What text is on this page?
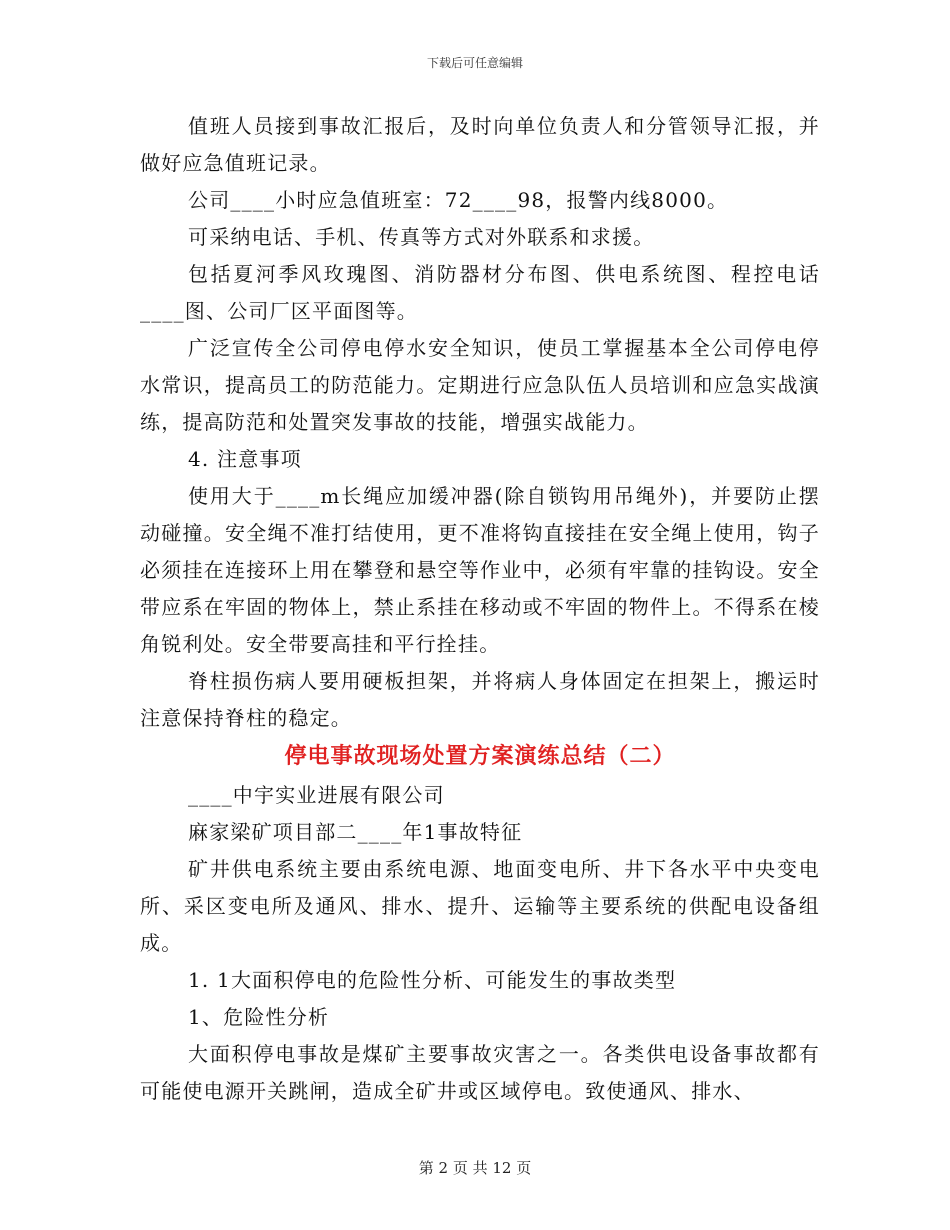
下载后可任意编辑

值班人员接到事故汇报后，及时向单位负责人和分管领导汇报，并做好应急值班记录。

公司____小时应急值班室：72____98，报警内线8000。

可采纳电话、手机、传真等方式对外联系和求援。

包括夏河季风玫瑰图、消防器材分布图、供电系统图、程控电话____图、公司厂区平面图等。

广泛宣传全公司停电停水安全知识，使员工掌握基本全公司停电停水常识，提高员工的防范能力。定期进行应急队伍人员培训和应急实战演练，提高防范和处置突发事故的技能，增强实战能力。

4. 注意事项

使用大于____m长绳应加缓冲器(除自锁钩用吊绳外)，并要防止摆动碰撞。安全绳不准打结使用，更不准将钩直接挂在安全绳上使用，钩子必须挂在连接环上用在攀登和悬空等作业中，必须有牢靠的挂钩设。安全带应系在牢固的物体上，禁止系挂在移动或不牢固的物件上。不得系在棱角锐利处。安全带要高挂和平行拴挂。

脊柱损伤病人要用硬板担架，并将病人身体固定在担架上，搬运时注意保持脊柱的稳定。

停电事故现场处置方案演练总结（二）

____中宇实业进展有限公司

麻家梁矿项目部二____年1事故特征

矿井供电系统主要由系统电源、地面变电所、井下各水平中央变电所、采区变电所及通风、排水、提升、运输等主要系统的供配电设备组成。

1. 1大面积停电的危险性分析、可能发生的事故类型

1、危险性分析

大面积停电事故是煤矿主要事故灾害之一。各类供电设备事故都有可能使电源开关跳闸，造成全矿井或区域停电。致使通风、排水、

第 2 页 共 12 页
